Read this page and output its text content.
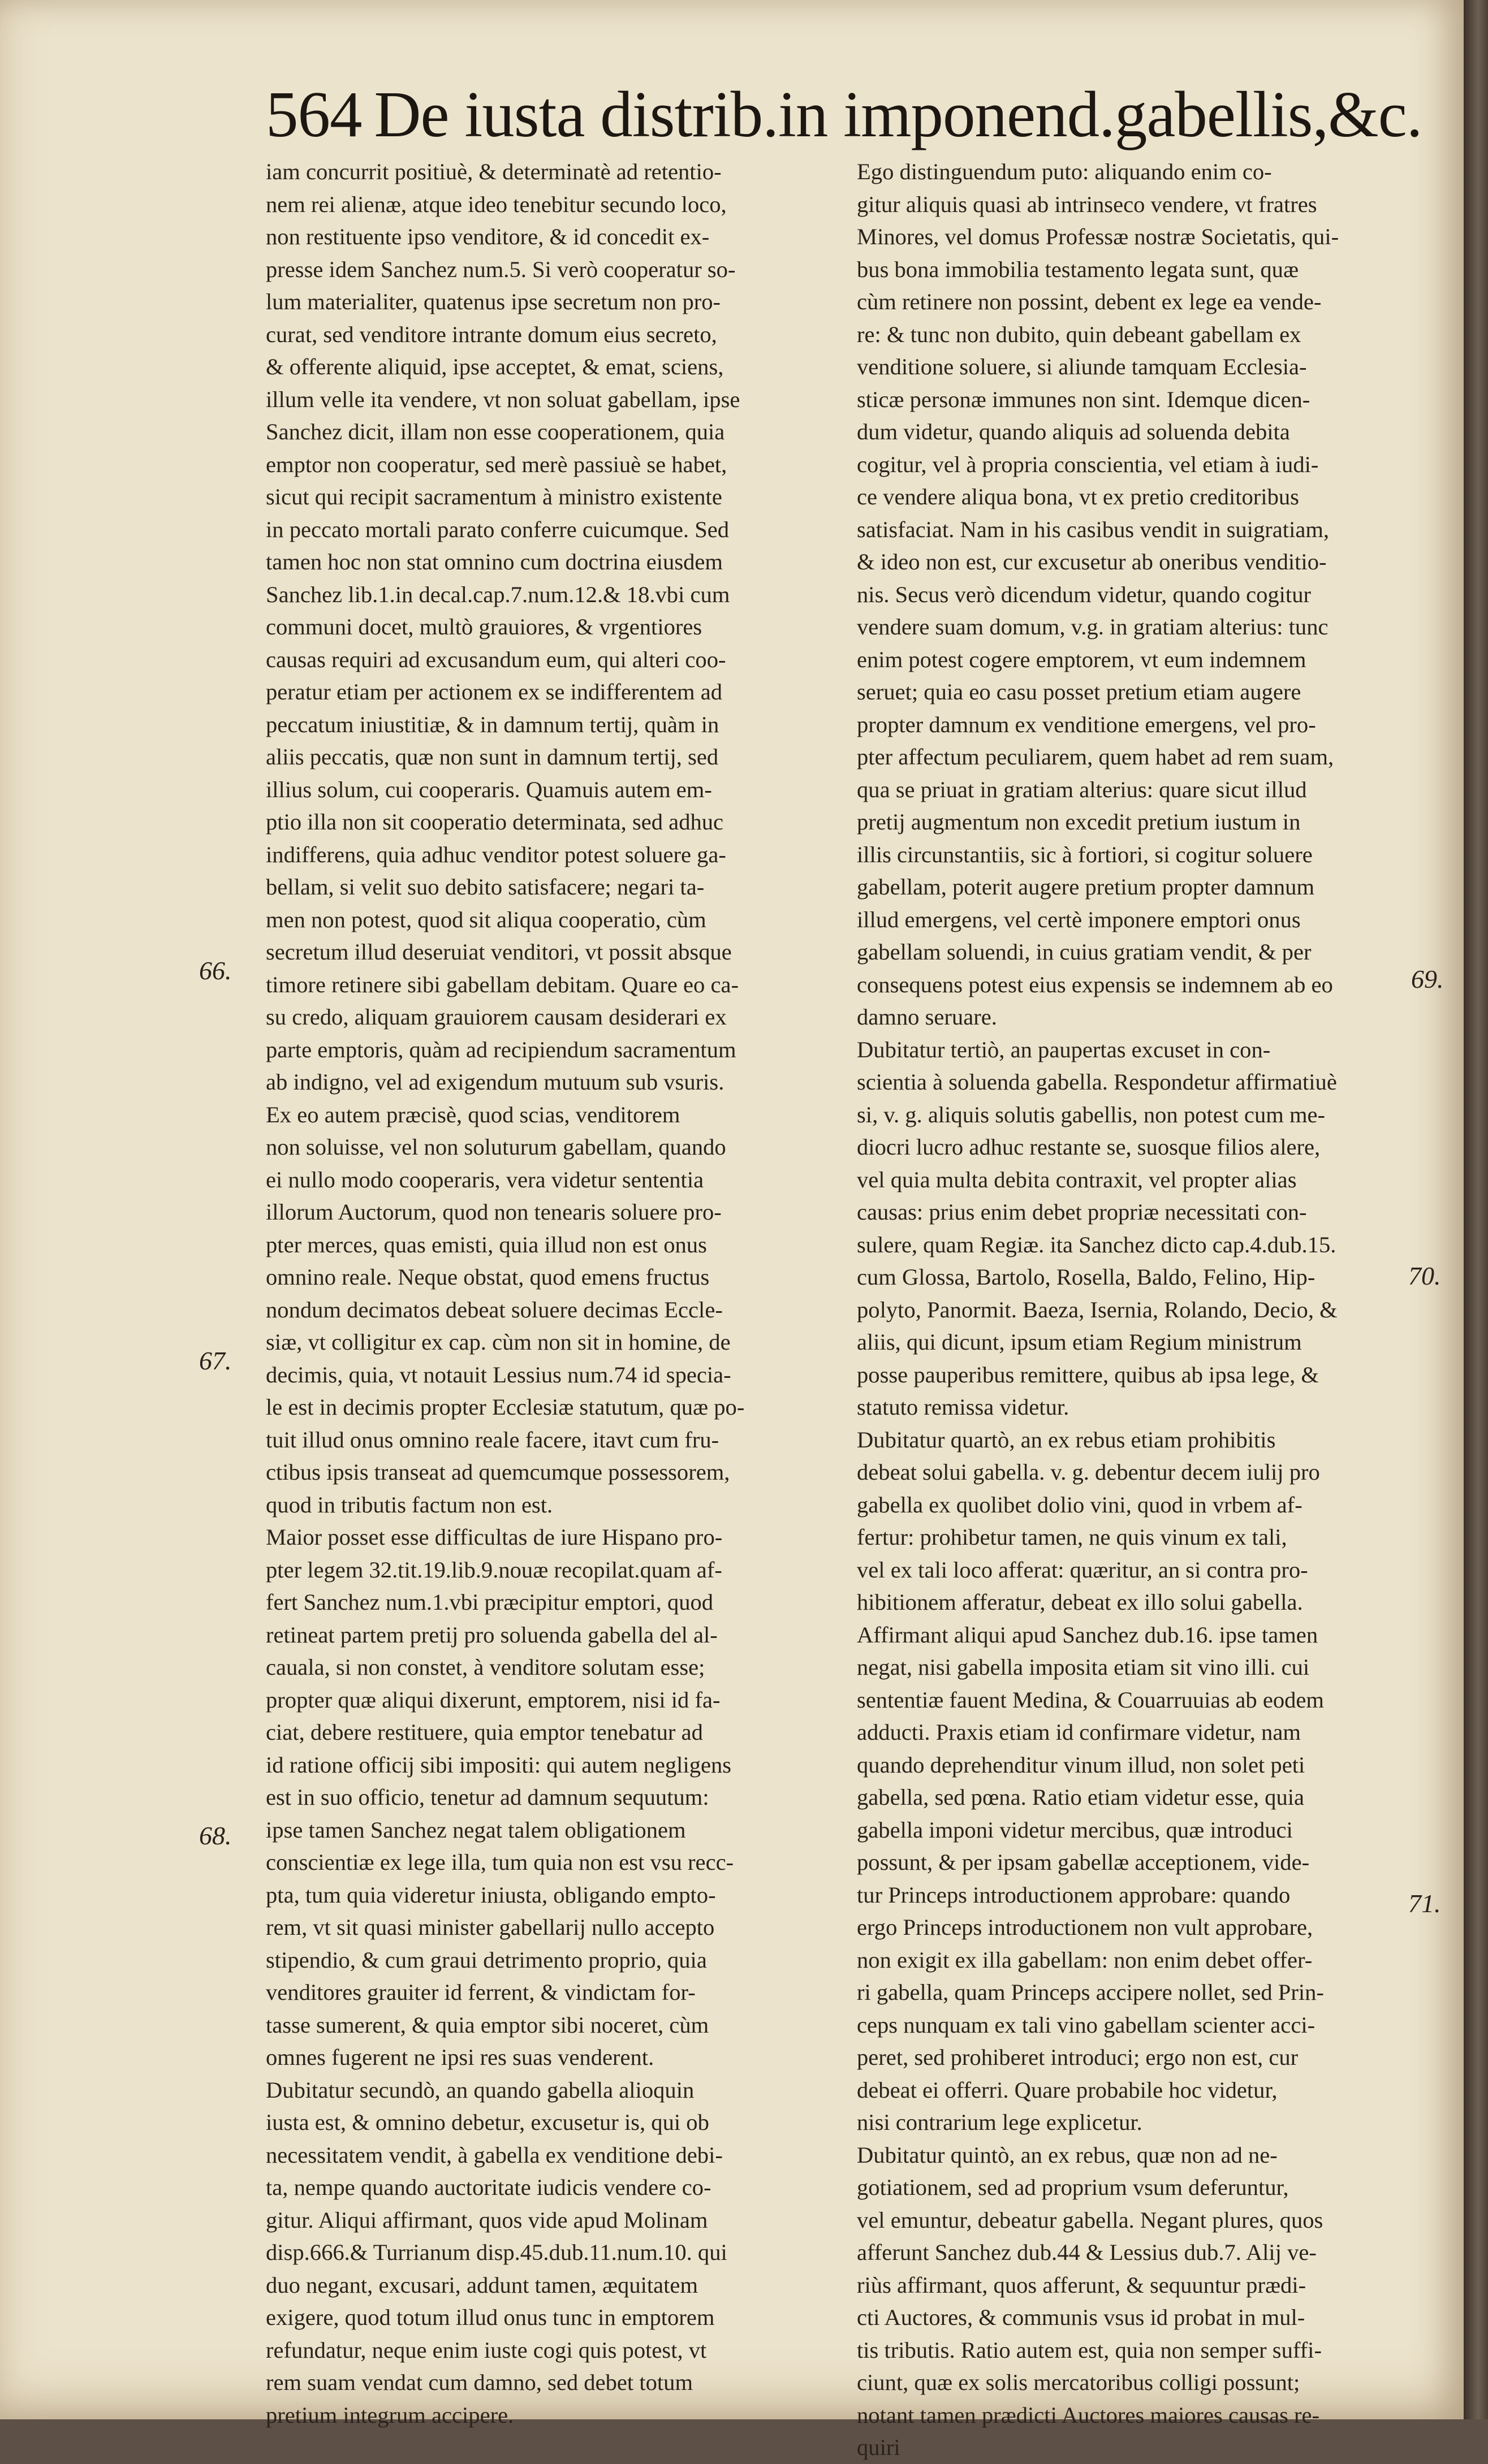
564 De iusta distrib.in imponend.gabellis,&c.
iam concurrit positiuè, & determinatè ad retentio-
nem rei alienæ, atque ideo tenebitur secundo loco,
non restituente ipso venditore, & id concedit ex-
presse idem Sanchez num.5. Si verò cooperatur so-
lum materialiter, quatenus ipse secretum non pro-
curat, sed venditore intrante domum eius secreto,
& offerente aliquid, ipse acceptet, & emat, sciens,
illum velle ita vendere, vt non soluat gabellam, ipse
Sanchez dicit, illam non esse cooperationem, quia
emptor non cooperatur, sed merè passiuè se habet,
sicut qui recipit sacramentum à ministro existente
in peccato mortali parato conferre cuicumque. Sed
tamen hoc non stat omnino cum doctrina eiusdem
Sanchez lib.1.in decal.cap.7.num.12.& 18.vbi cum
communi docet, multò grauiores, & vrgentiores
causas requiri ad excusandum eum, qui alteri coo-
peratur etiam per actionem ex se indifferentem ad
peccatum iniustitiæ, & in damnum tertij, quàm in
aliis peccatis, quæ non sunt in damnum tertij, sed
illius solum, cui cooperaris. Quamuis autem em-
ptio illa non sit cooperatio determinata, sed adhuc
indifferens, quia adhuc venditor potest soluere ga-
bellam, si velit suo debito satisfacere; negari ta-
men non potest, quod sit aliqua cooperatio, cùm
secretum illud deseruiat venditori, vt possit absque
timore retinere sibi gabellam debitam. Quare eo ca-
su credo, aliquam grauiorem causam desiderari ex
parte emptoris, quàm ad recipiendum sacramentum
ab indigno, vel ad exigendum mutuum sub vsuris.
Ex eo autem præcisè, quod scias, venditorem
non soluisse, vel non soluturum gabellam, quando
ei nullo modo cooperaris, vera videtur sententia
illorum Auctorum, quod non tenearis soluere pro-
pter merces, quas emisti, quia illud non est onus
omnino reale. Neque obstat, quod emens fructus
nondum decimatos debeat soluere decimas Eccle-
siæ, vt colligitur ex cap. cùm non sit in homine, de
decimis, quia, vt notauit Lessius num.74 id specia-
le est in decimis propter Ecclesiæ statutum, quæ po-
tuit illud onus omnino reale facere, itavt cum fru-
ctibus ipsis transeat ad quemcumque possessorem,
quod in tributis factum non est.
Maior posset esse difficultas de iure Hispano pro-
pter legem 32.tit.19.lib.9.nouæ recopilat.quam af-
fert Sanchez num.1.vbi præcipitur emptori, quod
retineat partem pretij pro soluenda gabella del al-
cauala, si non constet, à venditore solutam esse;
propter quæ aliqui dixerunt, emptorem, nisi id fa-
ciat, debere restituere, quia emptor tenebatur ad
id ratione officij sibi impositi: qui autem negligens
est in suo officio, tenetur ad damnum sequutum:
ipse tamen Sanchez negat talem obligationem
conscientiæ ex lege illa, tum quia non est vsu recc-
pta, tum quia videretur iniusta, obligando empto-
rem, vt sit quasi minister gabellarij nullo accepto
stipendio, & cum graui detrimento proprio, quia
venditores grauiter id ferrent, & vindictam for-
tasse sumerent, & quia emptor sibi noceret, cùm
omnes fugerent ne ipsi res suas venderent.
Dubitatur secundò, an quando gabella alioquin
iusta est, & omnino debetur, excusetur is, qui ob
necessitatem vendit, à gabella ex venditione debi-
ta, nempe quando auctoritate iudicis vendere co-
gitur. Aliqui affirmant, quos vide apud Molinam
disp.666.& Turrianum disp.45.dub.11.num.10. qui
duo negant, excusari, addunt tamen, æquitatem
exigere, quod totum illud onus tunc in emptorem
refundatur, neque enim iuste cogi quis potest, vt
rem suam vendat cum damno, sed debet totum
pretium integrum accipere.
Ego distinguendum puto: aliquando enim co-
gitur aliquis quasi ab intrinseco vendere, vt fratres
Minores, vel domus Professæ nostræ Societatis, qui-
bus bona immobilia testamento legata sunt, quæ
cùm retinere non possint, debent ex lege ea vende-
re: & tunc non dubito, quin debeant gabellam ex
venditione soluere, si aliunde tamquam Ecclesia-
sticæ personæ immunes non sint. Idemque dicen-
dum videtur, quando aliquis ad soluenda debita
cogitur, vel à propria conscientia, vel etiam à iudi-
ce vendere aliqua bona, vt ex pretio creditoribus
satisfaciat. Nam in his casibus vendit in suigratiam,
& ideo non est, cur excusetur ab oneribus venditio-
nis. Secus verò dicendum videtur, quando cogitur
vendere suam domum, v.g. in gratiam alterius: tunc
enim potest cogere emptorem, vt eum indemnem
seruet; quia eo casu posset pretium etiam augere
propter damnum ex venditione emergens, vel pro-
pter affectum peculiarem, quem habet ad rem suam,
qua se priuat in gratiam alterius: quare sicut illud
pretij augmentum non excedit pretium iustum in
illis circunstantiis, sic à fortiori, si cogitur soluere
gabellam, poterit augere pretium propter damnum
illud emergens, vel certè imponere emptori onus
gabellam soluendi, in cuius gratiam vendit, & per
consequens potest eius expensis se indemnem ab eo
damno seruare.
Dubitatur tertiò, an paupertas excuset in con-
scientia à soluenda gabella. Respondetur affirmatiuè
si, v. g. aliquis solutis gabellis, non potest cum me-
diocri lucro adhuc restante se, suosque filios alere,
vel quia multa debita contraxit, vel propter alias
causas: prius enim debet propriæ necessitati con-
sulere, quam Regiæ. ita Sanchez dicto cap.4.dub.15.
cum Glossa, Bartolo, Rosella, Baldo, Felino, Hip-
polyto, Panormit. Baeza, Isernia, Rolando, Decio, &
aliis, qui dicunt, ipsum etiam Regium ministrum
posse pauperibus remittere, quibus ab ipsa lege, &
statuto remissa videtur.
Dubitatur quartò, an ex rebus etiam prohibitis
debeat solui gabella. v. g. debentur decem iulij pro
gabella ex quolibet dolio vini, quod in vrbem af-
fertur: prohibetur tamen, ne quis vinum ex tali,
vel ex tali loco afferat: quæritur, an si contra pro-
hibitionem afferatur, debeat ex illo solui gabella.
Affirmant aliqui apud Sanchez dub.16. ipse tamen
negat, nisi gabella imposita etiam sit vino illi. cui
sententiæ fauent Medina, & Couarruuias ab eodem
adducti. Praxis etiam id confirmare videtur, nam
quando deprehenditur vinum illud, non solet peti
gabella, sed pœna. Ratio etiam videtur esse, quia
gabella imponi videtur mercibus, quæ introduci
possunt, & per ipsam gabellæ acceptionem, vide-
tur Princeps introductionem approbare: quando
ergo Princeps introductionem non vult approbare,
non exigit ex illa gabellam: non enim debet offer-
ri gabella, quam Princeps accipere nollet, sed Prin-
ceps nunquam ex tali vino gabellam scienter acci-
peret, sed prohiberet introduci; ergo non est, cur
debeat ei offerri. Quare probabile hoc videtur,
nisi contrarium lege explicetur.
Dubitatur quintò, an ex rebus, quæ non ad ne-
gotiationem, sed ad proprium vsum deferuntur,
vel emuntur, debeatur gabella. Negant plures, quos
afferunt Sanchez dub.44 & Lessius dub.7. Alij ve-
riùs affirmant, quos afferunt, & sequuntur prædi-
cti Auctores, & communis vsus id probat in mul-
tis tributis. Ratio autem est, quia non semper suffi-
ciunt, quæ ex solis mercatoribus colligi possunt;
notant tamen prædicti Auctores maiores causas re-
quiri
66.
67.
68.
69.
70.
71.
